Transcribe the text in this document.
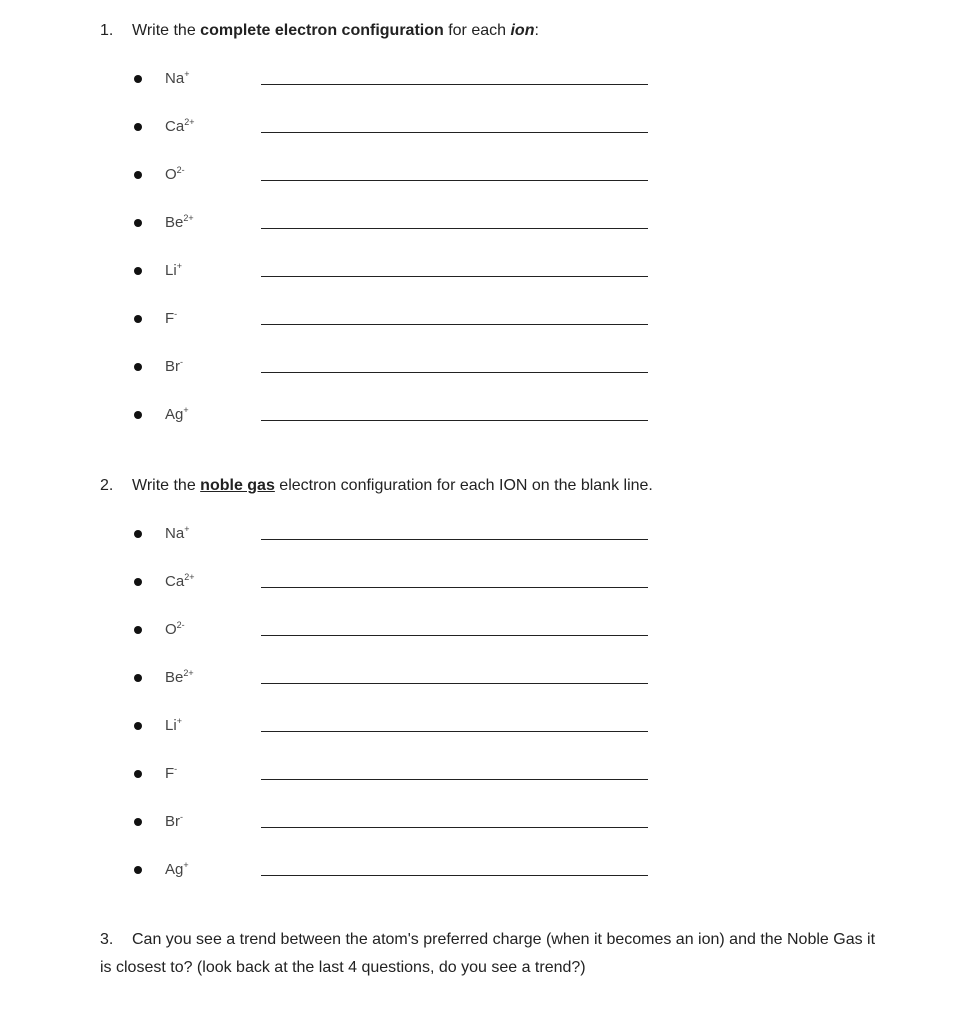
1. Write the complete electron configuration for each ion:
Na+
$Ca^{2+}$
$O^{2-}$
$Be^{2+}$
Li+
F-
Br-
Ag+
2. Write the noble gas electron configuration for each ION on the blank line.
Na+
$Ca^{2+}$
$O^{2-}$
$Be^{2+}$
Li+
F-
Br-
Ag+
3. Can you see a trend between the atom's preferred charge (when it becomes an ion) and the Noble Gas it is closest to? (look back at the last 4 questions, do you see a trend?)
